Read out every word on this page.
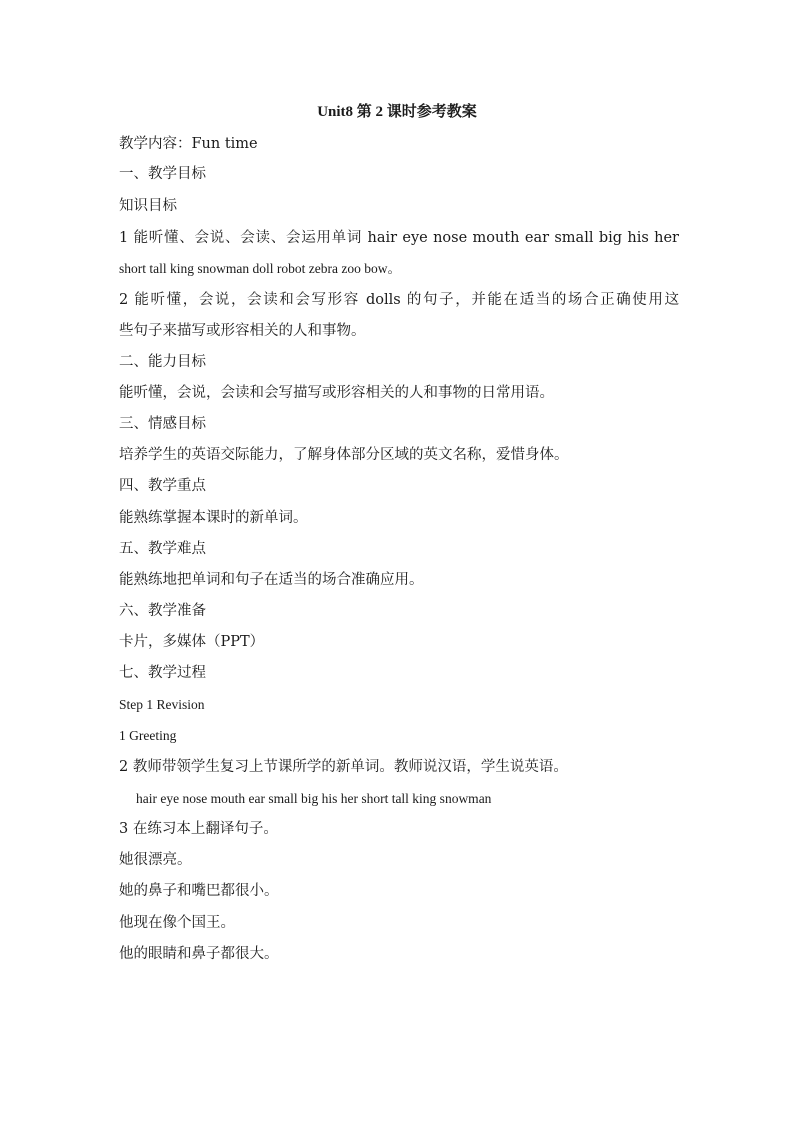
Unit8 第 2 课时参考教案
教学内容：Fun time
一、教学目标
知识目标
1 能听懂、会说、会读、会运用单词 hair eye nose mouth ear small big his her
short tall king snowman doll robot zebra zoo bow。
2 能听懂，会说，会读和会写形容 dolls 的句子，并能在适当的场合正确使用这
些句子来描写或形容相关的人和事物。
二、能力目标
能听懂，会说，会读和会写描写或形容相关的人和事物的日常用语。
三、情感目标
培养学生的英语交际能力，了解身体部分区域的英文名称，爱惜身体。
四、教学重点
能熟练掌握本课时的新单词。
五、教学难点
能熟练地把单词和句子在适当的场合准确应用。
六、教学准备
卡片，多媒体（PPT）
七、教学过程
Step 1 Revision
1 Greeting
2 教师带领学生复习上节课所学的新单词。教师说汉语，学生说英语。
hair eye nose mouth ear small big his her short tall king snowman
3 在练习本上翻译句子。
她很漂亮。
她的鼻子和嘴巴都很小。
他现在像个国王。
他的眼睛和鼻子都很大。
